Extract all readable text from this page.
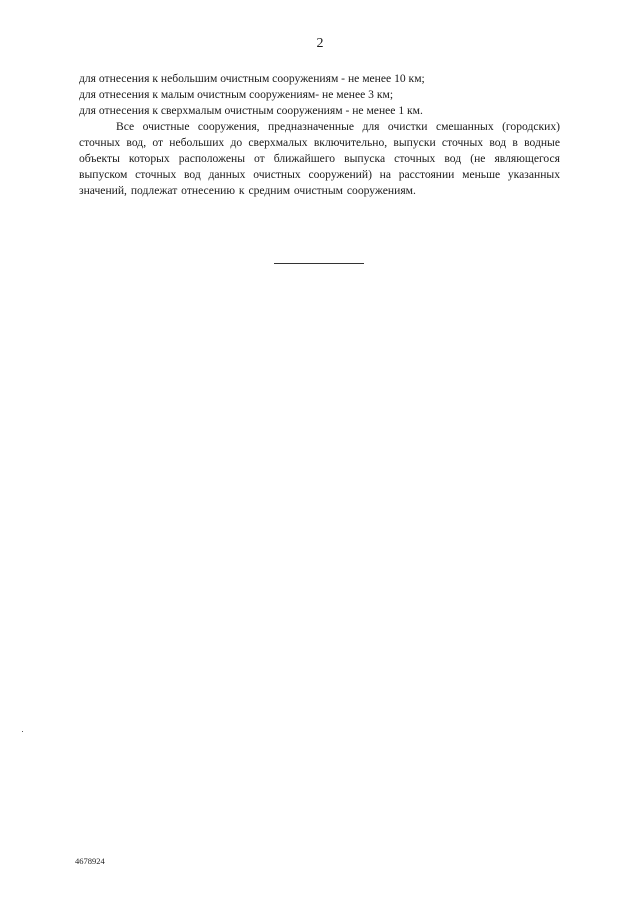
2
для отнесения к небольшим очистным сооружениям - не менее 10 км;
для отнесения к малым очистным сооружениям- не менее 3 км;
для отнесения к сверхмалым очистным сооружениям - не менее 1 км.

Все очистные сооружения, предназначенные для очистки смешанных (городских) сточных вод, от небольших до сверхмалых включительно, выпуски сточных вод в водные объекты которых расположены от ближайшего выпуска сточных вод (не являющегося выпуском сточных вод данных очистных сооружений) на расстоянии меньше указанных значений, подлежат отнесению к средним очистным сооружениям.

4678924
